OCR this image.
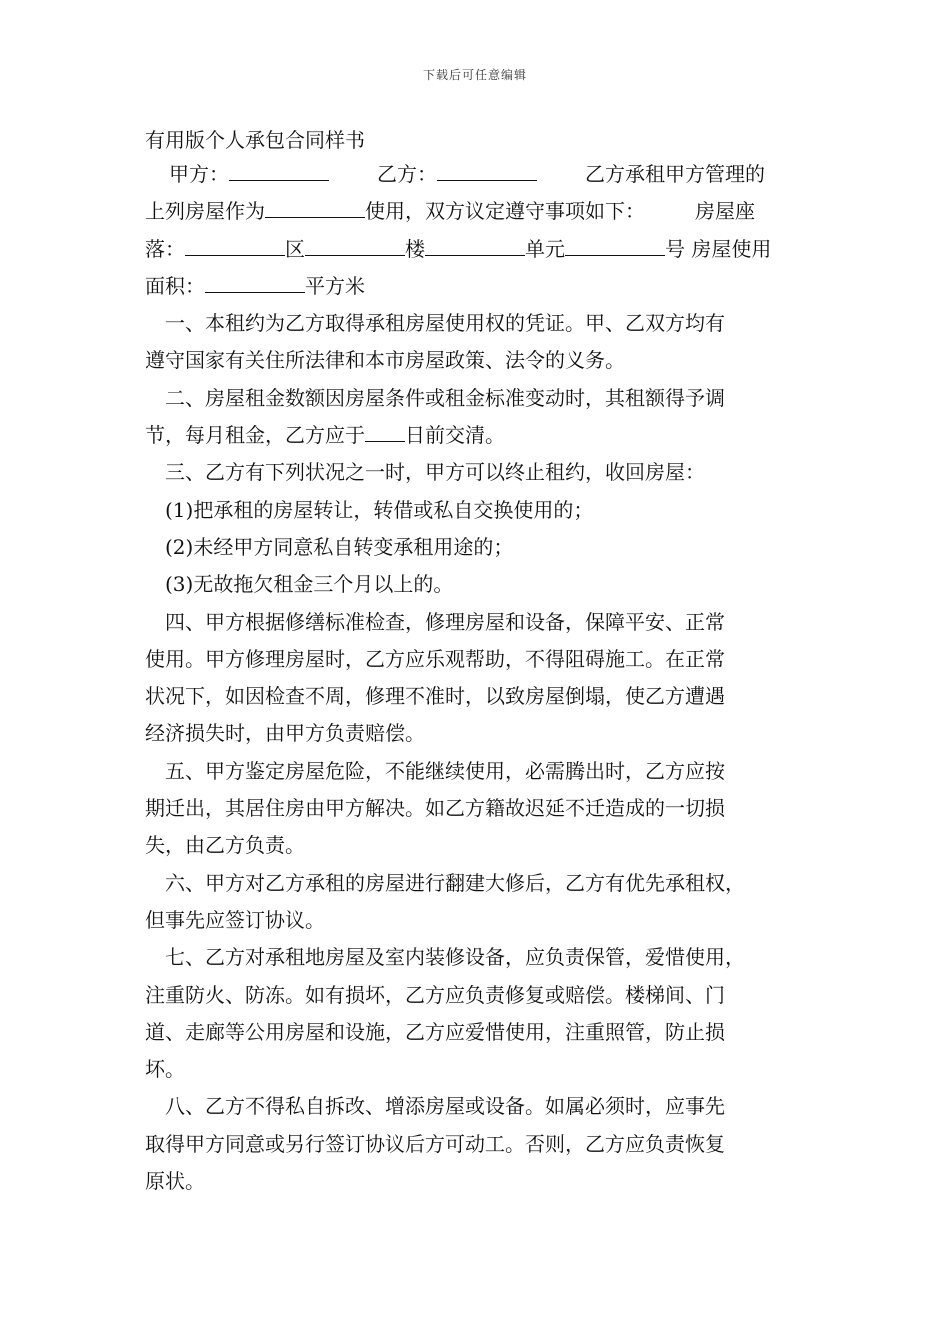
下载后可任意编辑
有用版个人承包合同样书
甲方：	乙方：	乙方承租甲方管理的
上列房屋作为	使用，双方议定遵守事项如下：	房屋座
落：	区	楼	单元	号 房屋使用
面积：	平方米
一、本租约为乙方取得承租房屋使用权的凭证。甲、乙双方均有
遵守国家有关住所法律和本市房屋政策、法令的义务。
二、房屋租金数额因房屋条件或租金标准变动时，其租额得予调
节，每月租金，乙方应于 日前交清。
三、乙方有下列状况之一时，甲方可以终止租约，收回房屋：
(1)把承租的房屋转让，转借或私自交换使用的；
(2)未经甲方同意私自转变承租用途的；
(3)无故拖欠租金三个月以上的。
四、甲方根据修缮标准检查，修理房屋和设备，保障平安、正常
使用。甲方修理房屋时，乙方应乐观帮助，不得阻碍施工。在正常
状况下，如因检查不周，修理不准时，以致房屋倒塌，使乙方遭遇
经济损失时，由甲方负责赔偿。
五、甲方鉴定房屋危险，不能继续使用，必需腾出时，乙方应按
期迁出，其居住房由甲方解决。如乙方籍故迟延不迁造成的一切损
失，由乙方负责。
六、甲方对乙方承租的房屋进行翻建大修后，乙方有优先承租权，
但事先应签订协议。
七、乙方对承租地房屋及室内装修设备，应负责保管，爱惜使用，
注重防火、防冻。如有损坏，乙方应负责修复或赔偿。楼梯间、门
道、走廊等公用房屋和设施，乙方应爱惜使用，注重照管，防止损
坏。
八、乙方不得私自拆改、增添房屋或设备。如属必须时，应事先
取得甲方同意或另行签订协议后方可动工。否则，乙方应负责恢复
原状。
